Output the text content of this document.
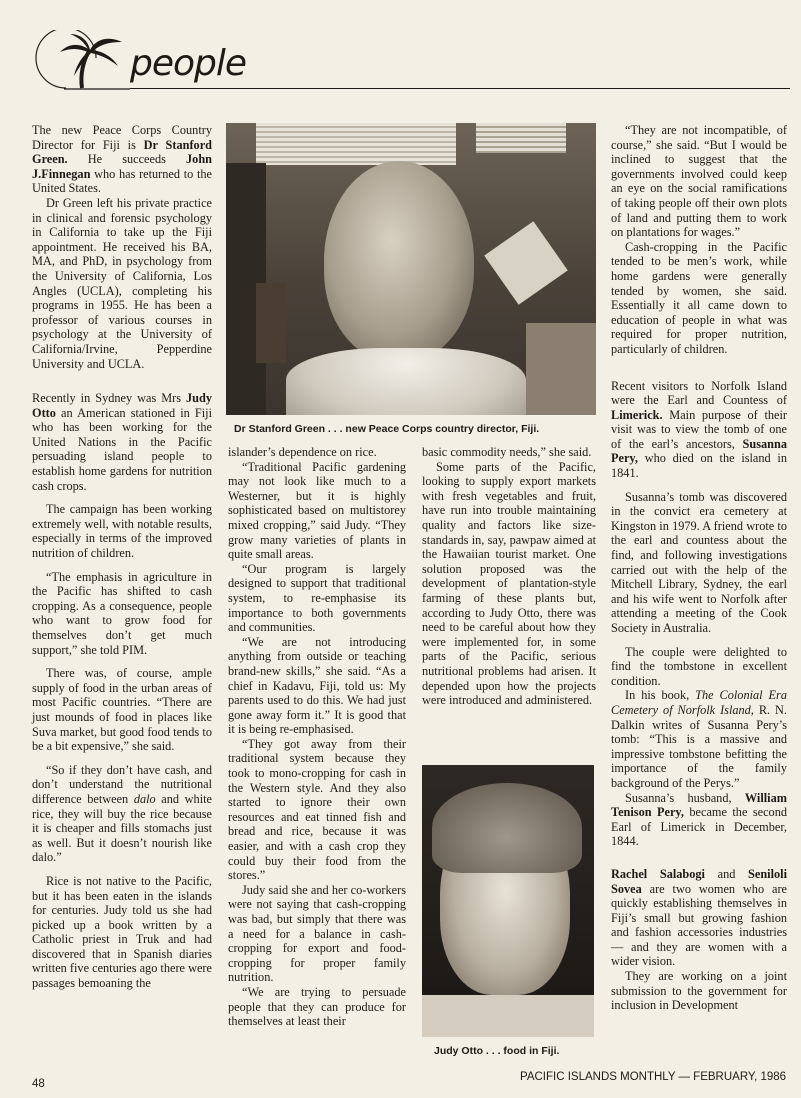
people
Dr Stanford Green . . . new Peace Corps country director, Fiji.
Judy Otto . . . food in Fiji.

The new Peace Corps Country Director for Fiji is Dr Stanford Green. He succeeds John J.Finnegan who has returned to the United States.

Dr Green left his private practice in clinical and forensic psychology in California to take up the Fiji appointment. He received his BA, MA, and PhD, in psychology from the University of California, Los Angles (UCLA), completing his programs in 1955. He has been a professor of various courses in psychology at the University of California/Irvine, Pepperdine University and UCLA.

Recently in Sydney was Mrs Judy Otto an American stationed in Fiji who has been working for the United Nations in the Pacific persuading island people to establish home gardens for nutrition cash crops.

The campaign has been working extremely well, with notable results, especially in terms of the improved nutrition of children.

“The emphasis in agriculture in the Pacific has shifted to cash cropping. As a consequence, people who want to grow food for themselves don’t get much support,” she told PIM.

There was, of course, ample supply of food in the urban areas of most Pacific countries. “There are just mounds of food in places like Suva market, but good food tends to be a bit expensive,” she said.

“So if they don’t have cash, and don’t understand the nutritional difference between dalo and white rice, they will buy the rice because it is cheaper and fills stomachs just as well. But it doesn’t nourish like dalo.”

Rice is not native to the Pacific, but it has been eaten in the islands for centuries. Judy told us she had picked up a book written by a Catholic priest in Truk and had discovered that in Spanish diaries written five centuries ago there were passages bemoaning the

islander’s dependence on rice.

“Traditional Pacific gardening may not look like much to a Westerner, but it is highly sophisticated based on multistorey mixed cropping,” said Judy. “They grow many varieties of plants in quite small areas.

“Our program is largely designed to support that traditional system, to re-emphasise its importance to both governments and communities.

“We are not introducing anything from outside or teaching brand-new skills,” she said. “As a chief in Kadavu, Fiji, told us: My parents used to do this. We had just gone away form it.” It is good that it is being re-emphasised.

“They got away from their traditional system because they took to mono-cropping for cash in the Western style. And they also started to ignore their own resources and eat tinned fish and bread and rice, because it was easier, and with a cash crop they could buy their food from the stores.”

Judy said she and her co-workers were not saying that cash-cropping was bad, but simply that there was a need for a balance in cash-cropping for export and food-cropping for proper family nutrition.

“We are trying to persuade people that they can produce for themselves at least their

basic commodity needs,” she said.

Some parts of the Pacific, looking to supply export markets with fresh vegetables and fruit, have run into trouble maintaining quality and factors like size-standards in, say, pawpaw aimed at the Hawaiian tourist market. One solution proposed was the development of plantation-style farming of these plants but, according to Judy Otto, there was need to be careful about how they were implemented for, in some parts of the Pacific, serious nutritional problems had arisen. It depended upon how the projects were introduced and administered.

“They are not incompatible, of course,” she said. “But I would be inclined to suggest that the governments involved could keep an eye on the social ramifications of taking people off their own plots of land and putting them to work on plantations for wages.”

Cash-cropping in the Pacific tended to be men’s work, while home gardens were generally tended by women, she said. Essentially it all came down to education of people in what was required for proper nutrition, particularly of children.

Recent visitors to Norfolk Island were the Earl and Countess of Limerick. Main purpose of their visit was to view the tomb of one of the earl’s ancestors, Susanna Pery, who died on the island in 1841.

Susanna’s tomb was discovered in the convict era cemetery at Kingston in 1979. A friend wrote to the earl and countess about the find, and following investigations carried out with the help of the Mitchell Library, Sydney, the earl and his wife went to Norfolk after attending a meeting of the Cook Society in Australia.

The couple were delighted to find the tombstone in excellent condition.

In his book, The Colonial Era Cemetery of Norfolk Island, R. N. Dalkin writes of Susanna Pery’s tomb: “This is a massive and impressive tombstone befitting the importance of the family background of the Perys.”

Susanna’s husband, William Tenison Pery, became the second Earl of Limerick in December, 1844.

Rachel Salabogi and Seniloli Sovea are two women who are quickly establishing themselves in Fiji’s small but growing fashion and fashion accessories industries — and they are women with a wider vision.

They are working on a joint submission to the government for inclusion in Development

48
PACIFIC ISLANDS MONTHLY — FEBRUARY, 1986
